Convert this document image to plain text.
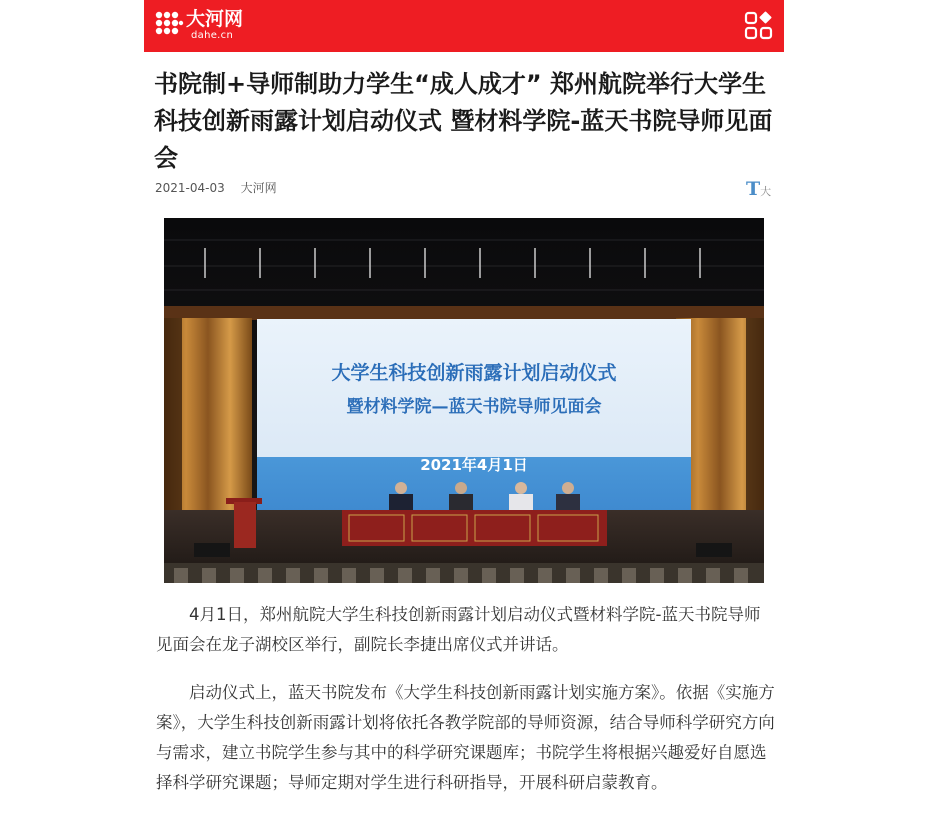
大河网
dahe.cn
书院制+导师制助力学生“成人成才” 郑州航院举行大学生科技创新雨露计划启动仪式 暨材料学院-蓝天书院导师见面会
2021-04-03 大河网	T大
大学生科技创新雨露计划启动仪式
暨材料学院—蓝天书院导师见面会
2021年4月1日

4月1日，郑州航院大学生科技创新雨露计划启动仪式暨材料学院-蓝天书院导师见面会在龙子湖校区举行，副院长李捷出席仪式并讲话。

启动仪式上，蓝天书院发布《大学生科技创新雨露计划实施方案》。依据《实施方案》，大学生科技创新雨露计划将依托各教学院部的导师资源，结合导师科学研究方向与需求，建立书院学生参与其中的科学研究课题库；书院学生将根据兴趣爱好自愿选择科学研究课题；导师定期对学生进行科研指导，开展科研启蒙教育。
